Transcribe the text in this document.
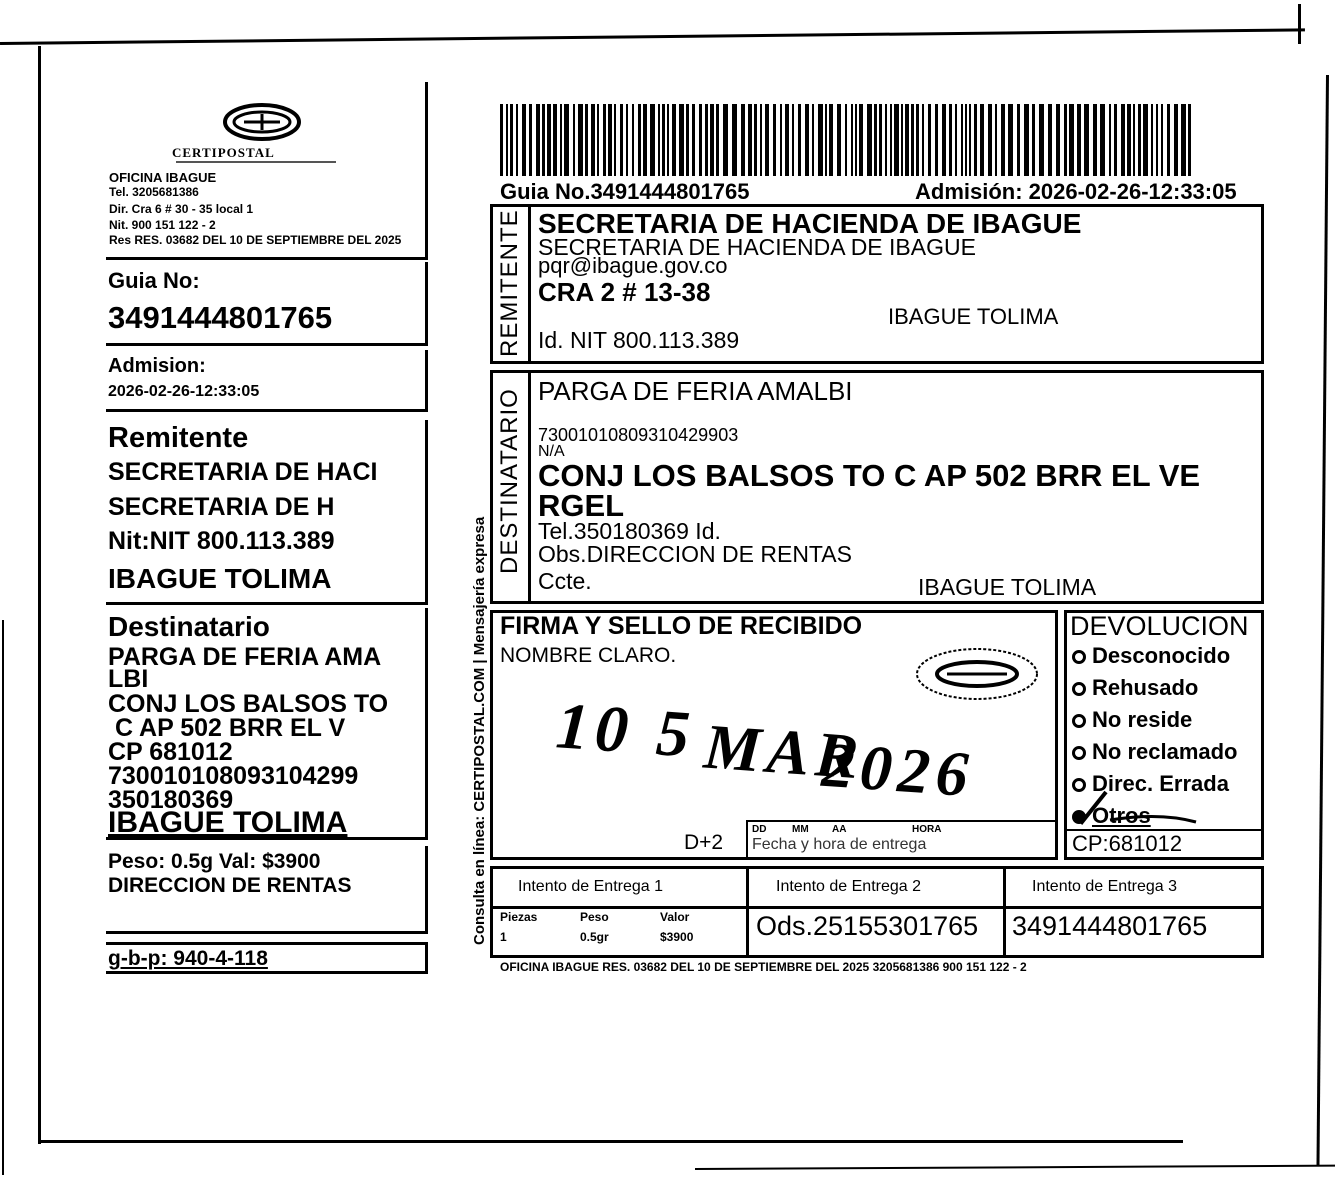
CERTIPOSTAL
OFICINA IBAGUE
Tel. 3205681386
Dir. Cra 6 # 30 - 35 local 1
Nit. 900 151 122 - 2
Res RES. 03682 DEL 10 DE SEPTIEMBRE DEL 2025
Guia No:
3491444801765
Admision:
2026-02-26-12:33:05
Remitente
SECRETARIA DE HACI
SECRETARIA DE H
Nit:NIT 800.113.389
IBAGUE TOLIMA
Destinatario
PARGA DE FERIA AMA
LBI
CONJ LOS BALSOS TO
C AP 502 BRR EL V
CP 681012
730010108093104299
350180369
IBAGUE TOLIMA
Peso: 0.5g Val: $3900
DIRECCION DE RENTAS
g-b-p: 940-4-118
Guia No.3491444801765	Admisión: 2026-02-26-12:33:05
Consulta en línea: CERTIPOSTAL.COM | Mensajería expresa
REMITENTE SECRETARIA DE HACIENDA DE IBAGUE
SECRETARIA DE HACIENDA DE IBAGUE
pqr@ibague.gov.co
CRA 2 # 13-38
IBAGUE TOLIMA
Id. NIT 800.113.389
DESTINATARIO PARGA DE FERIA AMALBI
73001010809310429903
N/A
CONJ LOS BALSOS TO C AP 502 BRR EL VE
RGEL
Tel.350180369 Id.
Obs.DIRECCION DE RENTAS
Ccte.	IBAGUE TOLIMA
FIRMA Y SELLO DE RECIBIDO
NOMBRE CLARO.
10 5 MAR
2026
D+2
DD	MM AA	HORA
Fecha y hora de entrega
DEVOLUCION
Desconocido
Rehusado
No reside
No reclamado
Direc. Errada
Otros
CP:681012
Intento de Entrega 1	Intento de Entrega 2	Intento de Entrega 3
Piezas	Peso	Valor
1	0.5gr	$3900 Ods.25155301765 3491444801765
OFICINA IBAGUE RES. 03682 DEL 10 DE SEPTIEMBRE DEL 2025 3205681386 900 151 122 - 2
